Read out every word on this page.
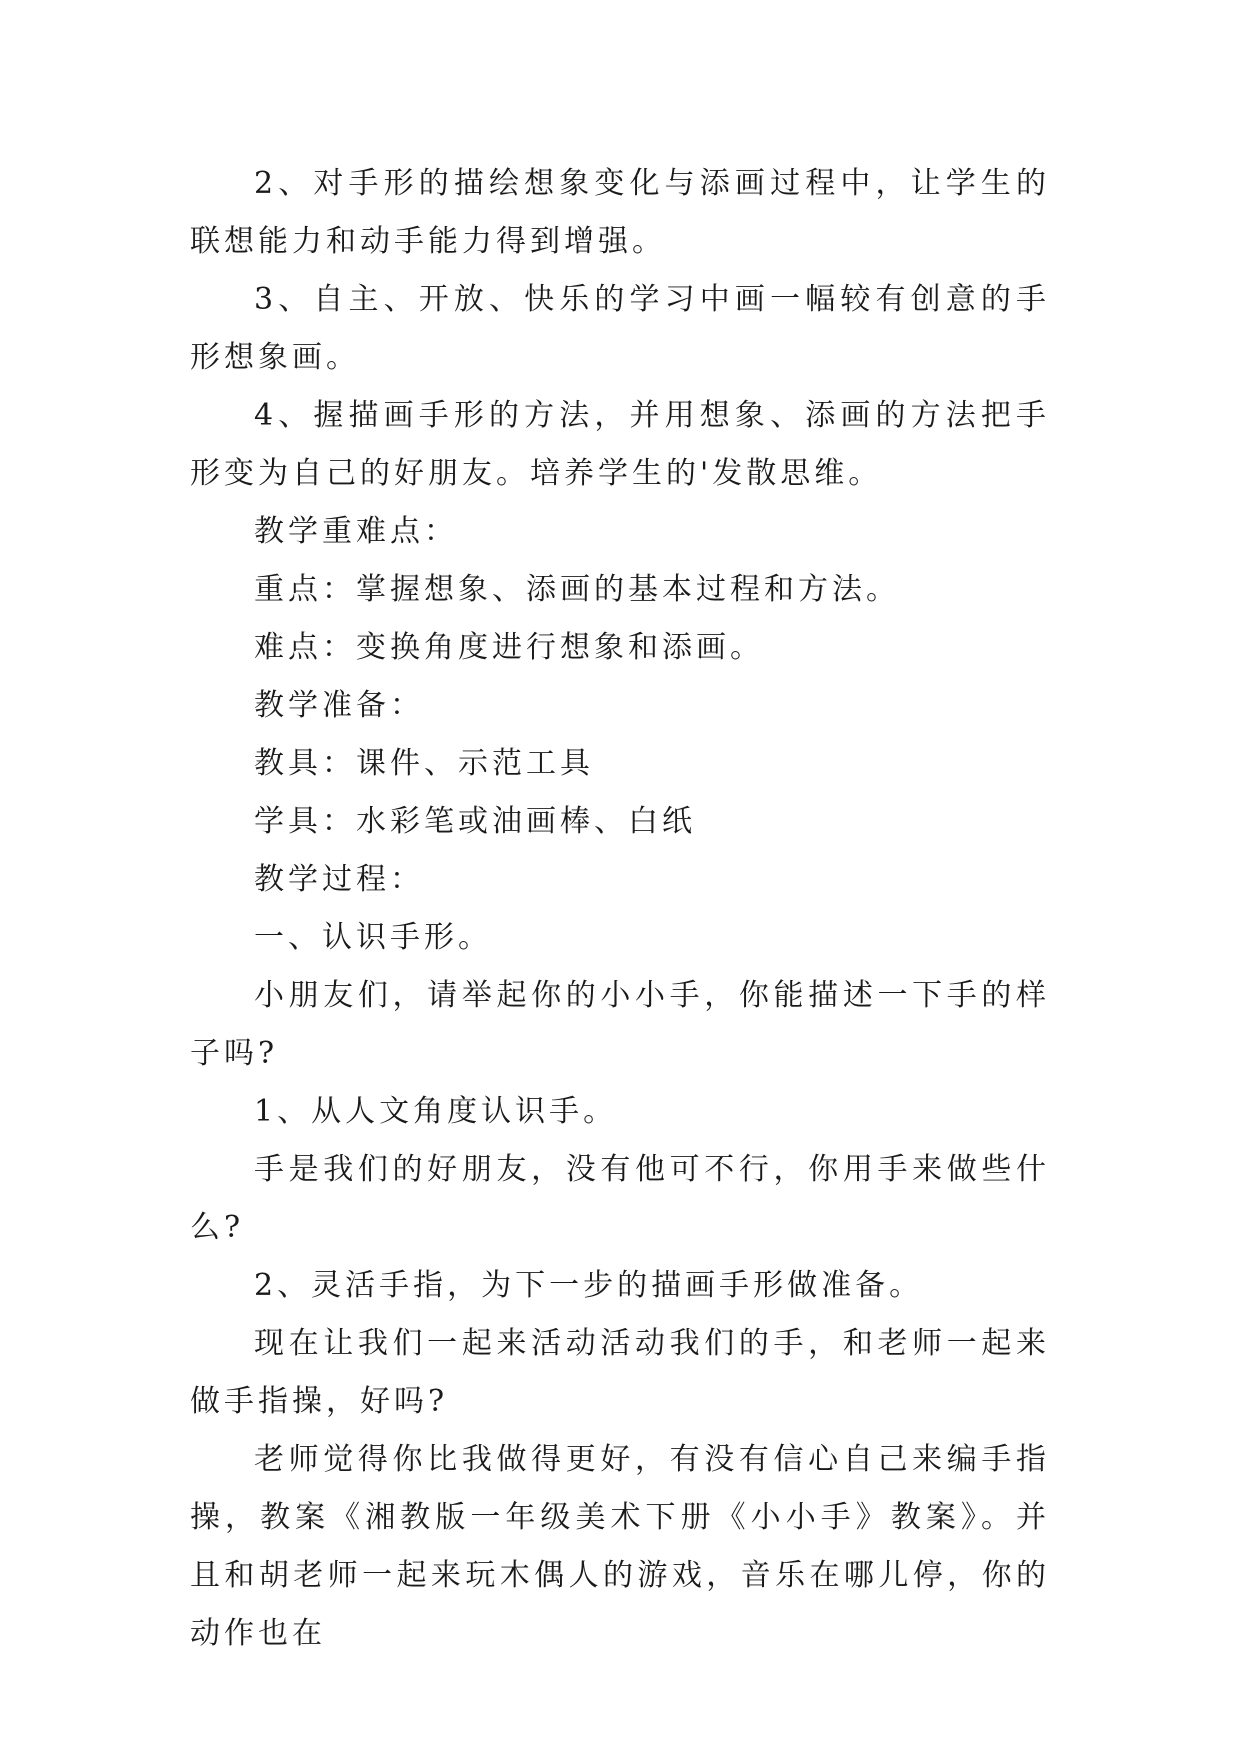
2、对手形的描绘想象变化与添画过程中，让学生的联想能力和动手能力得到增强。

3、自主、开放、快乐的学习中画一幅较有创意的手形想象画。

4、握描画手形的方法，并用想象、添画的方法把手形变为自己的好朋友。培养学生的'发散思维。

教学重难点：

重点：掌握想象、添画的基本过程和方法。

难点：变换角度进行想象和添画。

教学准备：

教具：课件、示范工具

学具：水彩笔或油画棒、白纸

教学过程：

一、认识手形。

小朋友们，请举起你的小小手，你能描述一下手的样子吗?

1、从人文角度认识手。

手是我们的好朋友，没有他可不行，你用手来做些什么?

2、灵活手指，为下一步的描画手形做准备。

现在让我们一起来活动活动我们的手，和老师一起来做手指操，好吗?

老师觉得你比我做得更好，有没有信心自己来编手指操，教案《湘教版一年级美术下册《小小手》教案》。并且和胡老师一起来玩木偶人的游戏，音乐在哪儿停，你的动作也在
